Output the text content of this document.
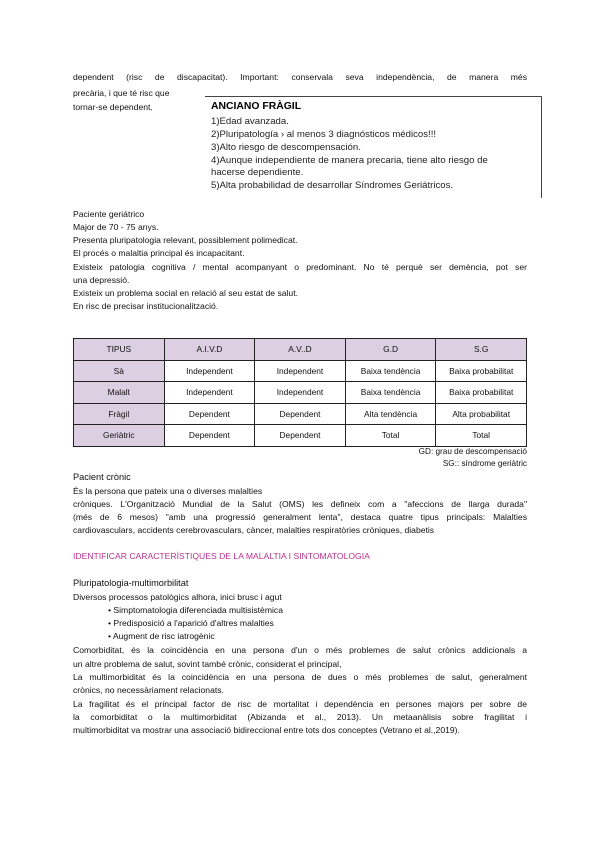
dependent (risc de discapacitat). Important: conservala seva independència, de manera més
precària, i que té risc que
tornar-se dependent.	ANCIANO FRÀGIL
1)Edad avanzada.
2)Pluripatología › al menos 3 diagnósticos médicos!!!
3)Alto riesgo de descompensación.
4)Aunque independiente de manera precaria, tiene alto riesgo de
hacerse dependiente.
5)Alta probabilidad de desarrollar Síndromes Geriátricos.
Paciente geriátrico
Major de 70 - 75 anys.
Presenta pluripatologia relevant, possiblement polimedicat.
El procés o malaltia principal és incapacitant.
Existeix patologia cognitiva / mental acompanyant o predominant. No té perquè ser demència, pot ser
una depressió.
Existeix un problema social en relació al seu estat de salut.
En risc de precisar institucionalització.
TIPUS	A.I.V.D	A.V..D	G.D	S.G
Sà	Independent	Independent	Baixa tendència	Baixa probabilitat
Malalt	Independent	Independent	Baixa tendència	Baixa probabilitat
Fràgil	Dependent	Dependent	Alta tendència	Alta probabilitat
Geriàtric	Dependent	Dependent	Total	Total
GD: grau de descompensació
SG:: síndrome geriàtric
Pacient crònic
És la persona que pateix una o diverses malalties
cròniques. L'Organització Mundial de la Salut (OMS) les defineix com a "afeccions de llarga durada"
(més de 6 mesos) "amb una progressió generalment lenta", destaca quatre tipus principals: Malalties
cardiovasculars, accidents cerebrovasculars, càncer, malalties respiratòries cròniques, diabetis
IDENTIFICAR CARACTERÍSTIQUES DE LA MALALTIA I SINTOMATOLOGIA
Pluripatologia-multimorbilitat
Diversos processos patològics alhora, inici brusc i agut
• Simptomatologia diferenciada multisistèmica
• Predisposició a l'aparició d'altres malalties
• Augment de risc iatrogènic
Comorbiditat, és la coincidència en una persona d'un o més problemes de salut crònics addicionals a
un altre problema de salut, sovint també crònic, considerat el principal,
La multimorbiditat és la coincidència en una persona de dues o més problemes de salut, generalment
crònics, no necessàriament relacionats.
La fragilitat és el principal factor de risc de mortalitat i dependència en persones majors per sobre de
la comorbiditat o la multimorbiditat (Abizanda et al., 2013). Un metaanàlisis sobre fragilitat i
multimorbiditat va mostrar una associació bidireccional entre tots dos conceptes (Vetrano et al.,2019).
